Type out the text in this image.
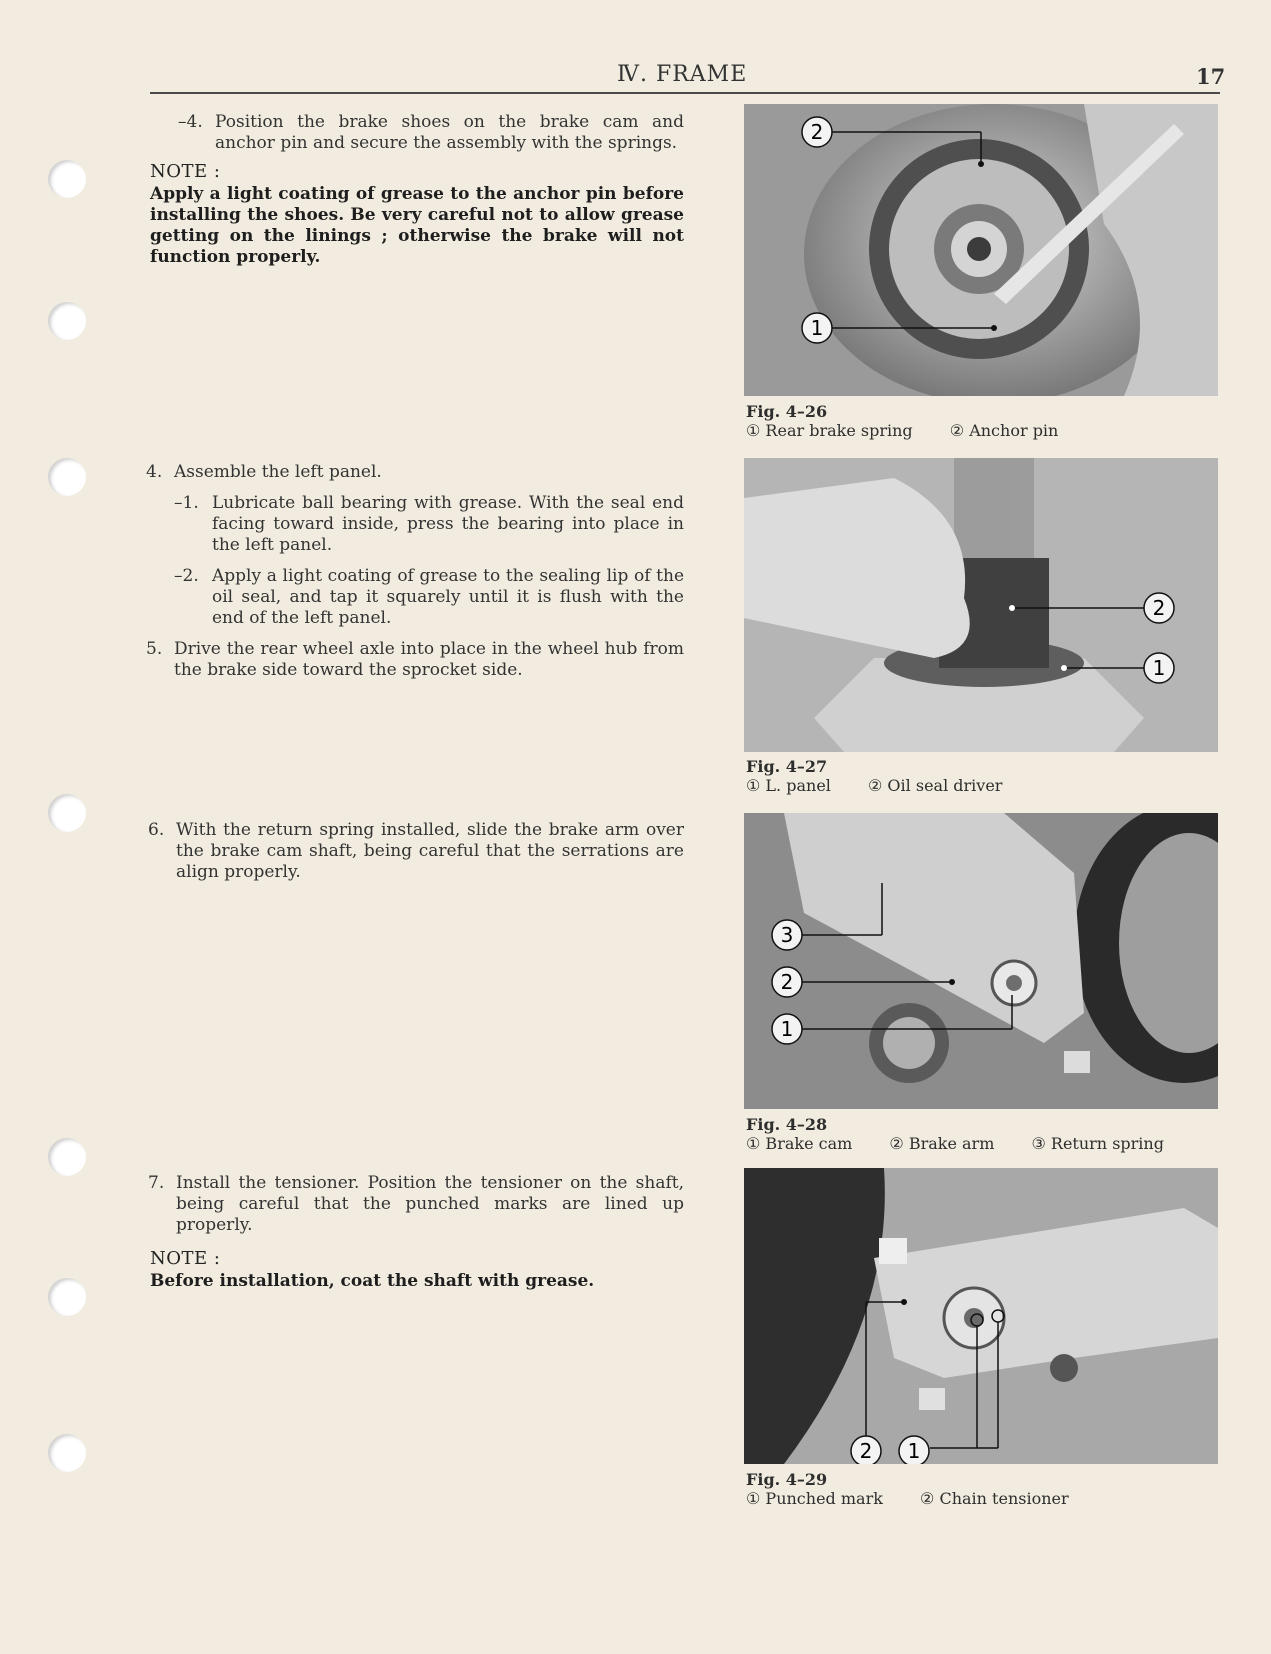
Ⅳ. FRAME	17
–4. Position the brake shoes on the brake cam and anchor pin and secure the assembly with the springs.
NOTE :
Apply a light coating of grease to the anchor pin before installing the shoes. Be very careful not to allow grease getting on the linings ; otherwise the brake will not function properly.
4. Assemble the left panel.
–1. Lubricate ball bearing with grease. With the seal end facing toward inside, press the bearing into place in the left panel.
–2. Apply a light coating of grease to the sealing lip of the oil seal, and tap it squarely until it is flush with the end of the left panel.
5. Drive the rear wheel axle into place in the wheel hub from the brake side toward the sprocket side.
6. With the return spring installed, slide the brake arm over the brake cam shaft, being careful that the serrations are align properly.
7. Install the tensioner. Position the tensioner on the shaft, being careful that the punched marks are lined up properly.
NOTE :
Before installation, coat the shaft with grease.
2
1
Fig. 4–26
① Rear brake spring ② Anchor pin
2
1
Fig. 4–27
① L. panel ② Oil seal driver
3
2
1
Fig. 4–28
① Brake cam ② Brake arm ③ Return spring
2 1
Fig. 4–29
① Punched mark ② Chain tensioner
